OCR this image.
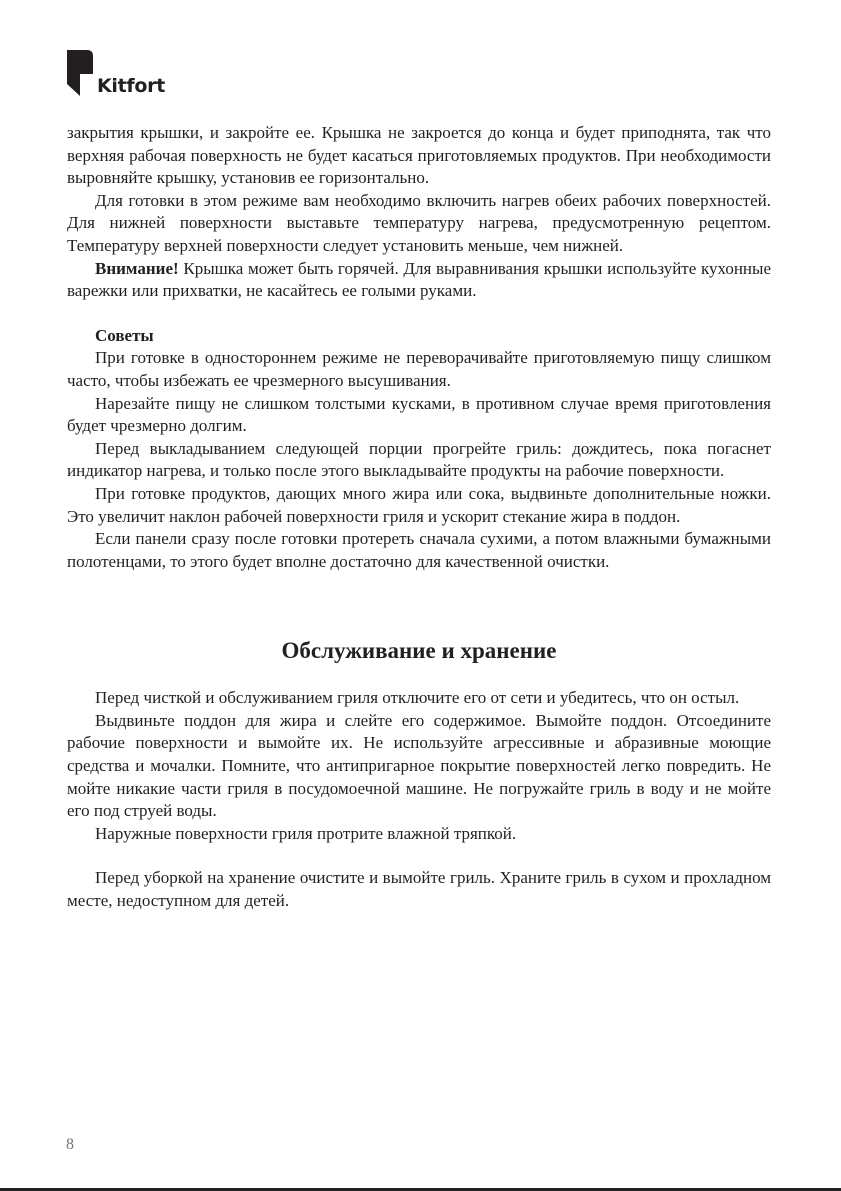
Kitfort

закрытия крышки, и закройте ее. Крышка не закроется до конца и будет приподнята, так что верхняя рабочая поверхность не будет касаться приготовляемых продуктов. При необходимости выровняйте крышку, установив ее горизонтально.

Для готовки в этом режиме вам необходимо включить нагрев обеих рабочих поверхностей. Для нижней поверхности выставьте температуру нагрева, предусмотренную рецептом. Температуру верхней поверхности следует установить меньше, чем нижней.

Внимание! Крышка может быть горячей. Для выравнивания крышки используйте кухонные варежки или прихватки, не касайтесь ее голыми руками.

Советы

При готовке в одностороннем режиме не переворачивайте приготовляемую пищу слишком часто, чтобы избежать ее чрезмерного высушивания.

Нарезайте пищу не слишком толстыми кусками, в противном случае время приготовления будет чрезмерно долгим.

Перед выкладыванием следующей порции прогрейте гриль: дождитесь, пока погаснет индикатор нагрева, и только после этого выкладывайте продукты на рабочие поверхности.

При готовке продуктов, дающих много жира или сока, выдвиньте дополнительные ножки. Это увеличит наклон рабочей поверхности гриля и ускорит стекание жира в поддон.

Если панели сразу после готовки протереть сначала сухими, а потом влажными бумажными полотенцами, то этого будет вполне достаточно для качественной очистки.

Обслуживание и хранение

Перед чисткой и обслуживанием гриля отключите его от сети и убедитесь, что он остыл.

Выдвиньте поддон для жира и слейте его содержимое. Вымойте поддон. Отсоедините рабочие поверхности и вымойте их. Не используйте агрессивные и абразивные моющие средства и мочалки. Помните, что антипригарное покрытие поверхностей легко повредить. Не мойте никакие части гриля в посудомоечной машине. Не погружайте гриль в воду и не мойте его под струей воды.

Наружные поверхности гриля протрите влажной тряпкой.

Перед уборкой на хранение очистите и вымойте гриль. Храните гриль в сухом и прохладном месте, недоступном для детей.

8
